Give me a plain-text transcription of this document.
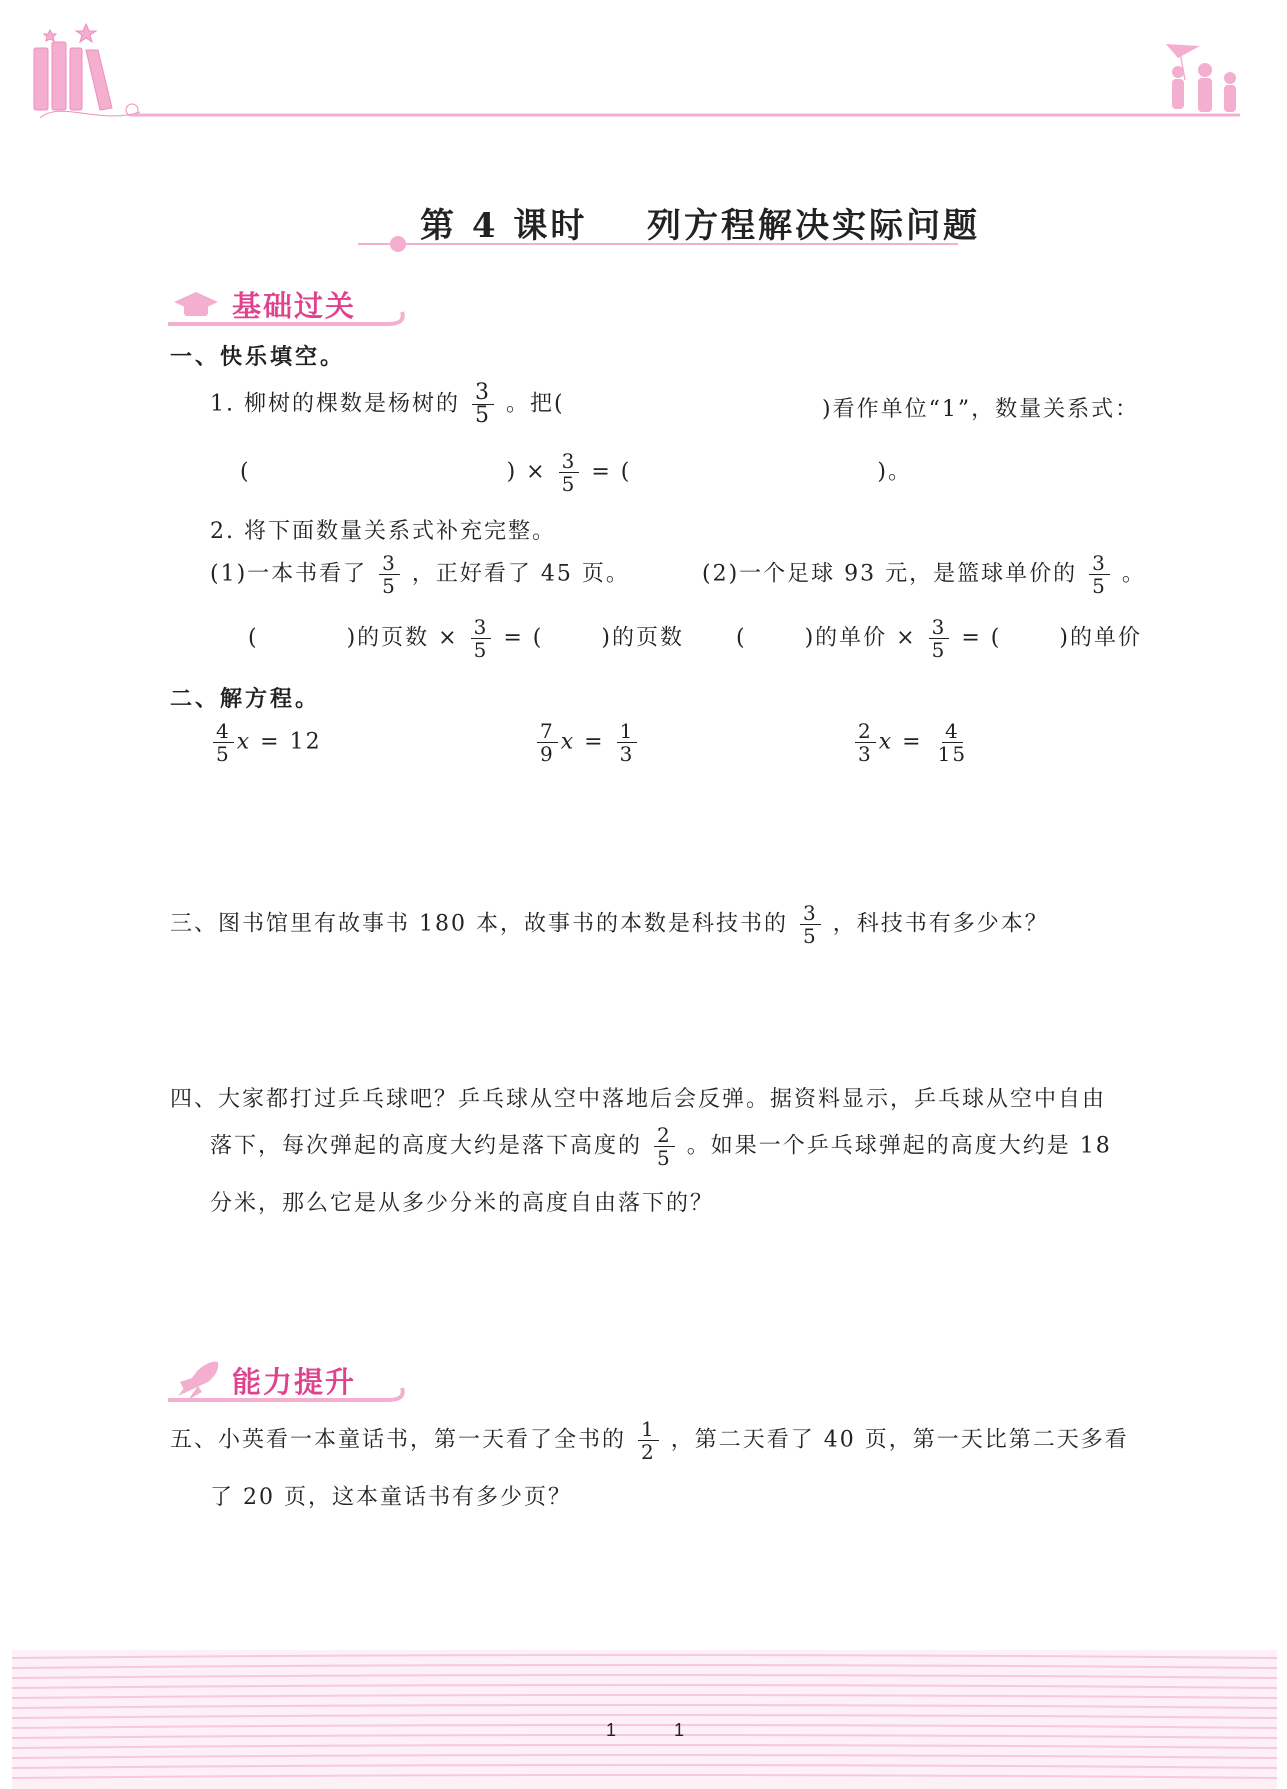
第 4 课时 列方程解决实际问题
基础过关
一、快乐填空。
1. 柳树的棵数是杨树的 $\frac{3}{5}$ 。把(	)看作单位“1”，数量关系式：
(	) × $\frac{3}{5}$ = (	)。
2. 将下面数量关系式补充完整。
(1)一本书看了 $\frac{3}{5}$ ，正好看了 45 页。	(2)一个足球 93 元，是篮球单价的 $\frac{3}{5}$ 。
(	)的页数 × $\frac{3}{5}$ = (	)的页数 (	)的单价 × $\frac{3}{5}$ = (	)的单价
二、解方程。
$\frac{4}{5}$ x = 12	$\frac{7}{9}$ $x = \frac{1}{3}$	$\frac{2}{3}$ $x = \frac{4}{15}$
三、图书馆里有故事书 180 本，故事书的本数是科技书的 $\frac{3}{5}$ ，科技书有多少本？
四、大家都打过乒乓球吧？乒乓球从空中落地后会反弹。据资料显示，乒乓球从空中自由
落下，每次弹起的高度大约是落下高度的 $\frac{2}{5}$ 。如果一个乒乓球弹起的高度大约是 18
分米，那么它是从多少分米的高度自由落下的？
能力提升
五、小英看一本童话书，第一天看了全书的 $\frac{1}{2}$ ，第二天看了 40 页，第一天比第二天多看
了 20 页，这本童话书有多少页？
1	1
